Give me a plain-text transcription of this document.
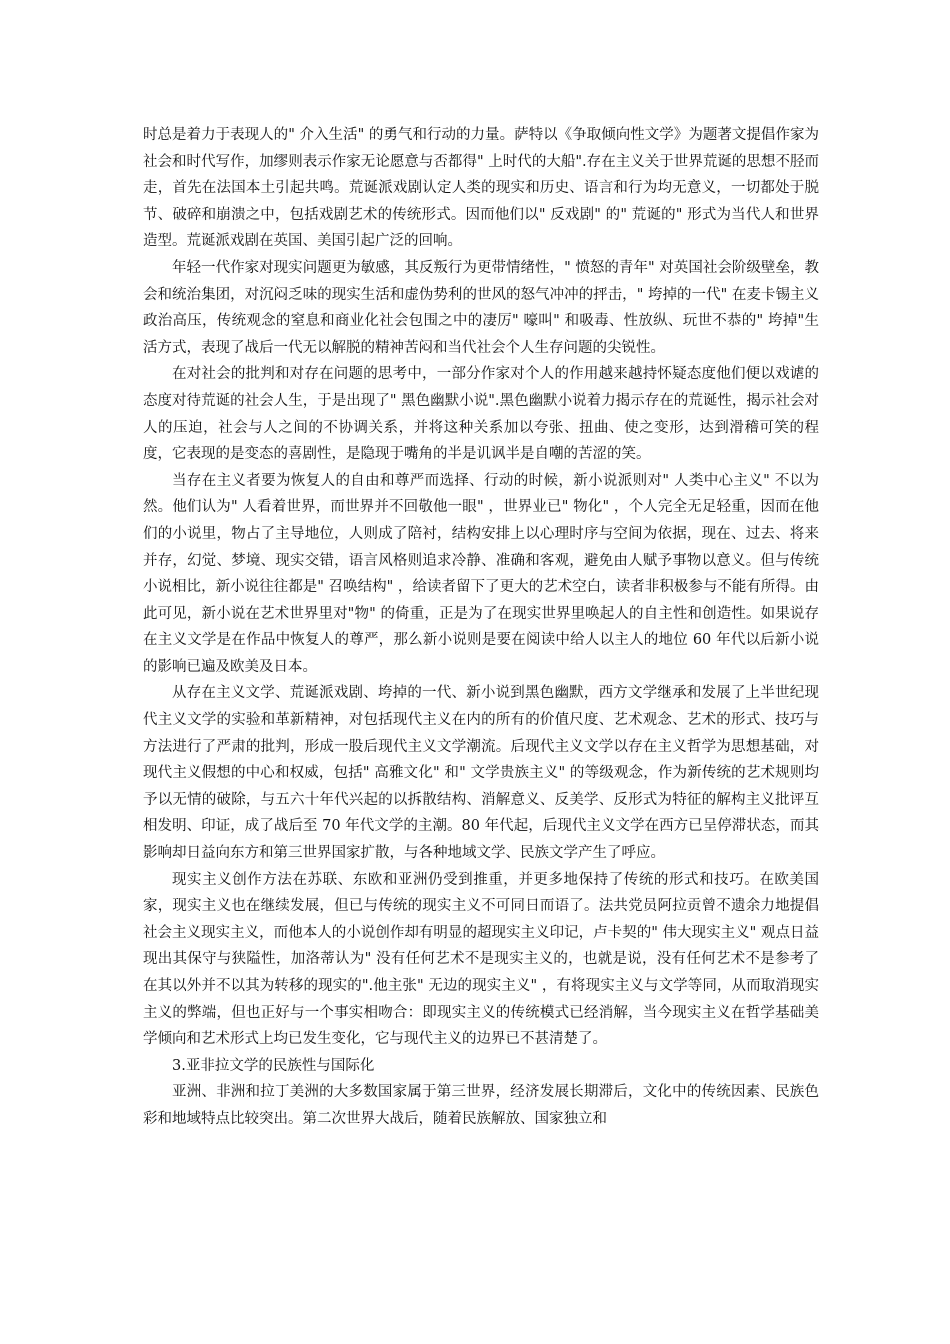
时总是着力于表现人的" 介入生活" 的勇气和行动的力量。萨特以《争取倾向性文学》为题著文提倡作家为社会和时代写作，加缪则表示作家无论愿意与否都得" 上时代的大船".存在主义关于世界荒诞的思想不胫而走，首先在法国本土引起共鸣。荒诞派戏剧认定人类的现实和历史、语言和行为均无意义，一切都处于脱节、破碎和崩溃之中，包括戏剧艺术的传统形式。因而他们以" 反戏剧" 的" 荒诞的" 形式为当代人和世界造型。荒诞派戏剧在英国、美国引起广泛的回响。

年轻一代作家对现实问题更为敏感，其反叛行为更带情绪性，" 愤怒的青年" 对英国社会阶级壁垒，教会和统治集团，对沉闷乏味的现实生活和虚伪势利的世风的怒气冲冲的抨击，" 垮掉的一代" 在麦卡锡主义政治高压，传统观念的窒息和商业化社会包围之中的凄厉" 嚎叫" 和吸毒、性放纵、玩世不恭的" 垮掉"生活方式，表现了战后一代无以解脱的精神苦闷和当代社会个人生存问题的尖锐性。

在对社会的批判和对存在问题的思考中，一部分作家对个人的作用越来越持怀疑态度他们便以戏谑的态度对待荒诞的社会人生，于是出现了" 黑色幽默小说".黑色幽默小说着力揭示存在的荒诞性，揭示社会对人的压迫，社会与人之间的不协调关系，并将这种关系加以夸张、扭曲、使之变形，达到滑稽可笑的程度，它表现的是变态的喜剧性，是隐现于嘴角的半是讥讽半是自嘲的苦涩的笑。

当存在主义者要为恢复人的自由和尊严而选择、行动的时候，新小说派则对" 人类中心主义" 不以为然。他们认为" 人看着世界，而世界并不回敬他一眼" ，世界业已" 物化" ，个人完全无足轻重，因而在他们的小说里，物占了主导地位，人则成了陪衬，结构安排上以心理时序与空间为依据，现在、过去、将来并存，幻觉、梦境、现实交错，语言风格则追求冷静、准确和客观，避免由人赋予事物以意义。但与传统小说相比，新小说往往都是" 召唤结构" ，给读者留下了更大的艺术空白，读者非积极参与不能有所得。由此可见，新小说在艺术世界里对"物" 的倚重，正是为了在现实世界里唤起人的自主性和创造性。如果说存在主义文学是在作品中恢复人的尊严，那么新小说则是要在阅读中给人以主人的地位 60 年代以后新小说的影响已遍及欧美及日本。

从存在主义文学、荒诞派戏剧、垮掉的一代、新小说到黑色幽默，西方文学继承和发展了上半世纪现代主义文学的实验和革新精神，对包括现代主义在内的所有的价值尺度、艺术观念、艺术的形式、技巧与方法进行了严肃的批判，形成一股后现代主义文学潮流。后现代主义文学以存在主义哲学为思想基础，对现代主义假想的中心和权威，包括" 高雅文化" 和" 文学贵族主义" 的等级观念，作为新传统的艺术规则均予以无情的破除，与五六十年代兴起的以拆散结构、消解意义、反美学、反形式为特征的解构主义批评互相发明、印证，成了战后至 70 年代文学的主潮。80 年代起，后现代主义文学在西方已呈停滞状态，而其影响却日益向东方和第三世界国家扩散，与各种地域文学、民族文学产生了呼应。

现实主义创作方法在苏联、东欧和亚洲仍受到推重，并更多地保持了传统的形式和技巧。在欧美国家，现实主义也在继续发展，但已与传统的现实主义不可同日而语了。法共党员阿拉贡曾不遗余力地提倡社会主义现实主义，而他本人的小说创作却有明显的超现实主义印记，卢卡契的" 伟大现实主义" 观点日益现出其保守与狭隘性，加洛蒂认为" 没有任何艺术不是现实主义的，也就是说，没有任何艺术不是参考了在其以外并不以其为转移的现实的".他主张" 无边的现实主义" ，有将现实主义与文学等同，从而取消现实主义的弊端，但也正好与一个事实相吻合：即现实主义的传统模式已经消解，当今现实主义在哲学基础美学倾向和艺术形式上均已发生变化，它与现代主义的边界已不甚清楚了。

3.亚非拉文学的民族性与国际化

亚洲、非洲和拉丁美洲的大多数国家属于第三世界，经济发展长期滞后，文化中的传统因素、民族色彩和地域特点比较突出。第二次世界大战后，随着民族解放、国家独立和
